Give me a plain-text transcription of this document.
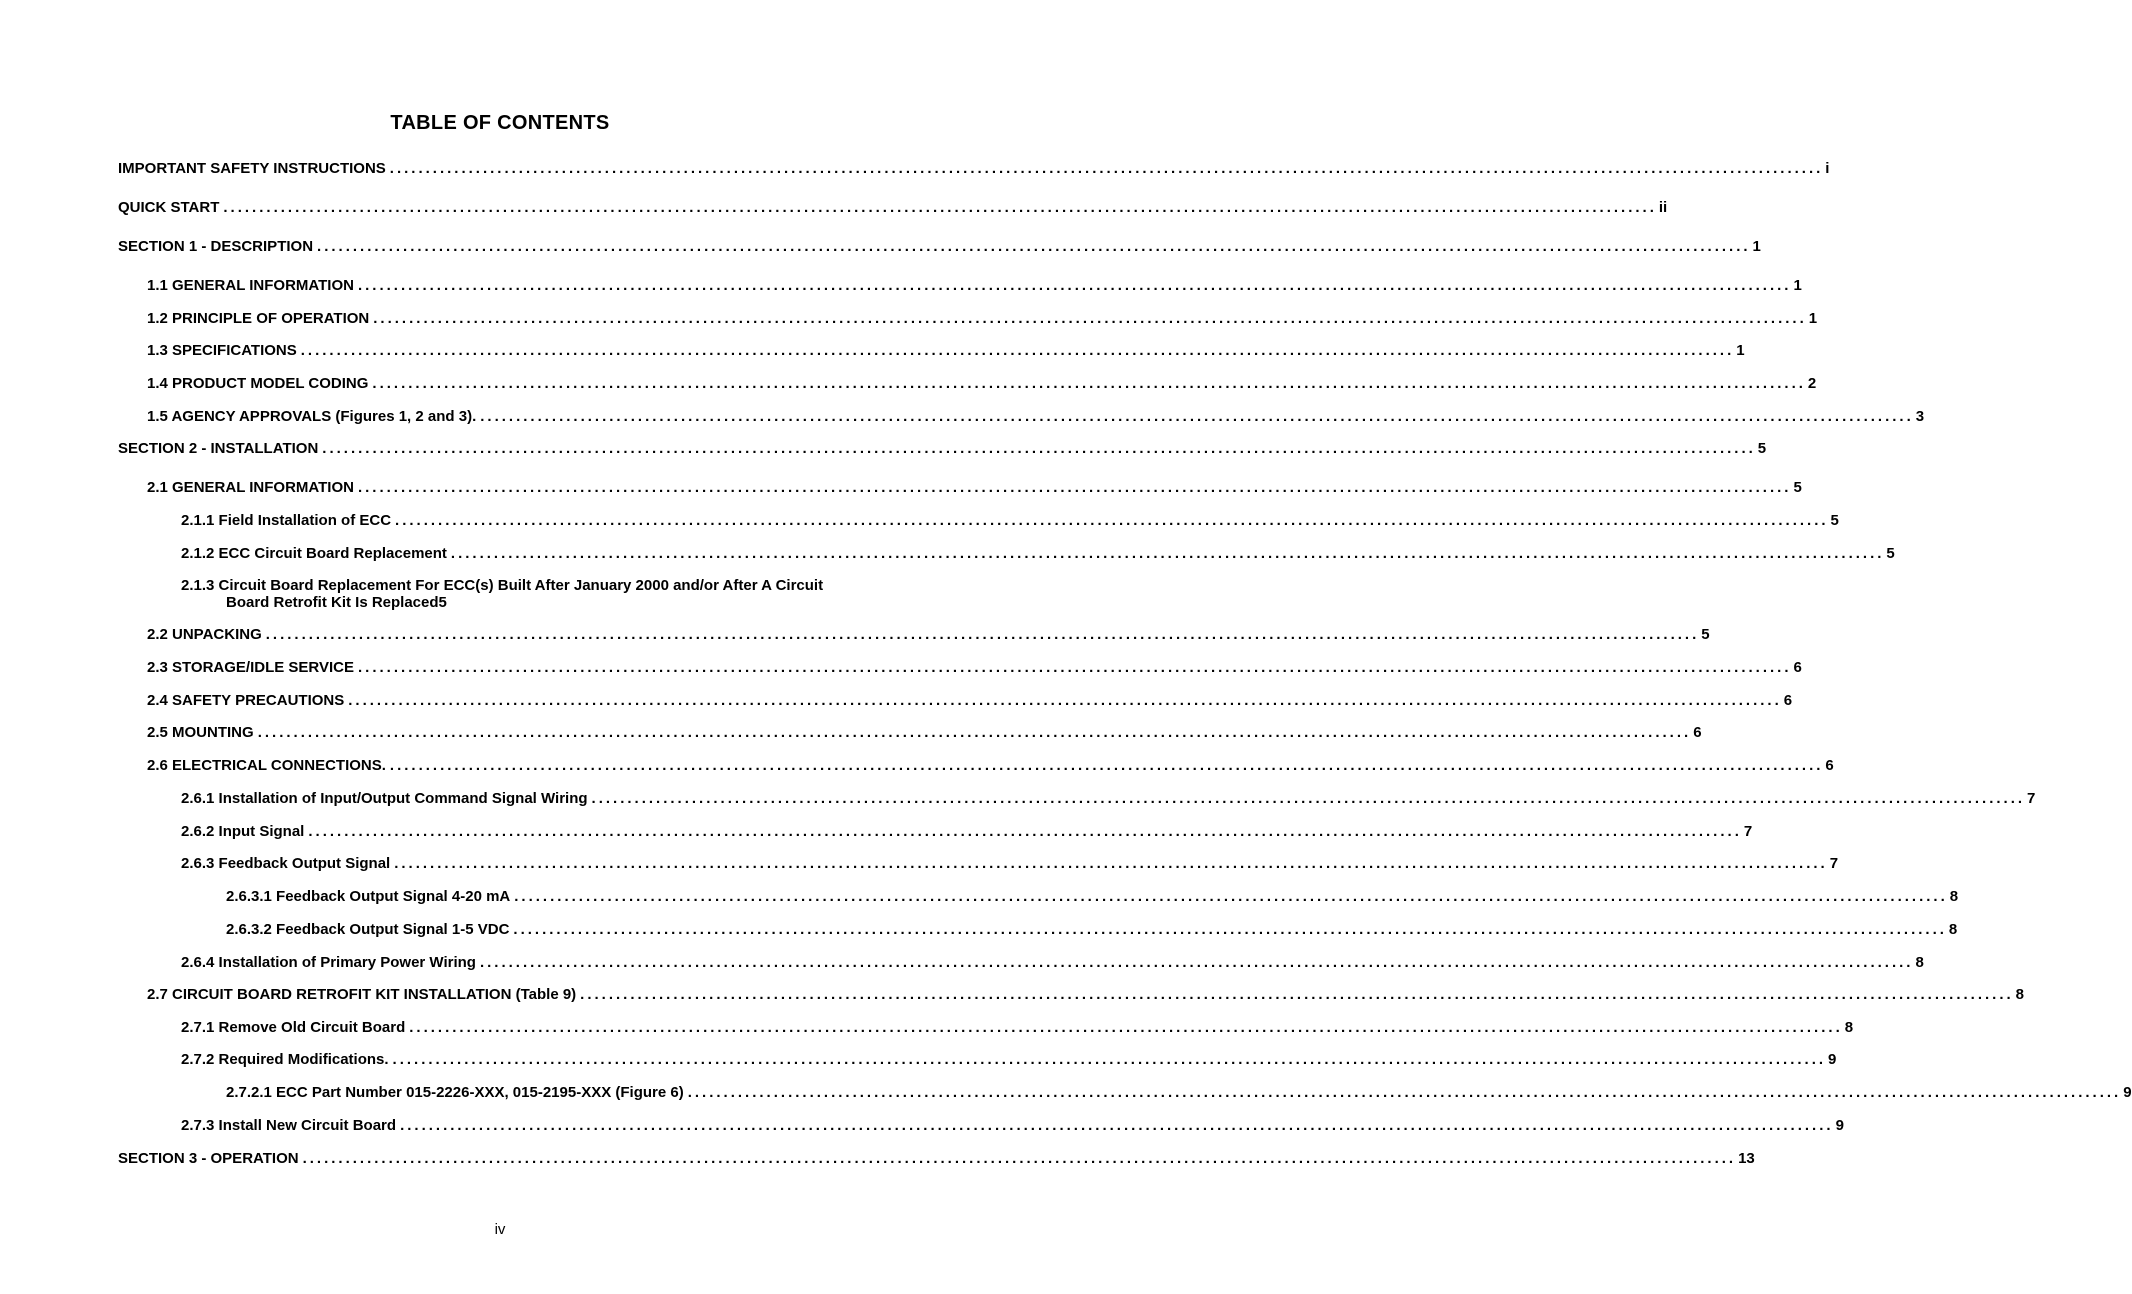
TABLE OF CONTENTS
IMPORTANT SAFETY INSTRUCTIONS ........................................................................................................................................................................................................ i
QUICK START ........................................................................................................................................................................................................ ii
SECTION 1 - DESCRIPTION ........................................................................................................................................................................................................ 1
1.1 GENERAL INFORMATION ........................................................................................................................................................................................................ 1
1.2 PRINCIPLE OF OPERATION ........................................................................................................................................................................................................ 1
1.3 SPECIFICATIONS ........................................................................................................................................................................................................ 1
1.4 PRODUCT MODEL CODING ........................................................................................................................................................................................................ 2
1.5 AGENCY APPROVALS (Figures 1, 2 and 3). ........................................................................................................................................................................................................ 3
SECTION 2 - INSTALLATION ........................................................................................................................................................................................................ 5
2.1 GENERAL INFORMATION ........................................................................................................................................................................................................ 5
2.1.1 Field Installation of ECC ........................................................................................................................................................................................................ 5
2.1.2 ECC Circuit Board Replacement ........................................................................................................................................................................................................ 5
2.1.3 Circuit Board Replacement For ECC(s) Built After January 2000 and/or After A Circuit
Board Retrofit Kit Is Replaced5
2.2 UNPACKING ........................................................................................................................................................................................................ 5
2.3 STORAGE/IDLE SERVICE ........................................................................................................................................................................................................ 6
2.4 SAFETY PRECAUTIONS ........................................................................................................................................................................................................ 6
2.5 MOUNTING ........................................................................................................................................................................................................ 6
2.6 ELECTRICAL CONNECTIONS. ........................................................................................................................................................................................................ 6
2.6.1 Installation of Input/Output Command Signal Wiring ........................................................................................................................................................................................................ 7
2.6.2 Input Signal ........................................................................................................................................................................................................ 7
2.6.3 Feedback Output Signal ........................................................................................................................................................................................................ 7
2.6.3.1 Feedback Output Signal 4-20 mA ........................................................................................................................................................................................................ 8
2.6.3.2 Feedback Output Signal 1-5 VDC ........................................................................................................................................................................................................ 8
2.6.4 Installation of Primary Power Wiring ........................................................................................................................................................................................................ 8
2.7 CIRCUIT BOARD RETROFIT KIT INSTALLATION (Table 9) ........................................................................................................................................................................................................ 8
2.7.1 Remove Old Circuit Board ........................................................................................................................................................................................................ 8
2.7.2 Required Modifications. ........................................................................................................................................................................................................ 9
2.7.2.1 ECC Part Number 015-2226-XXX, 015-2195-XXX (Figure 6) ........................................................................................................................................................................................................ 9
2.7.3 Install New Circuit Board ........................................................................................................................................................................................................ 9
SECTION 3 - OPERATION ........................................................................................................................................................................................................ 13
iv
